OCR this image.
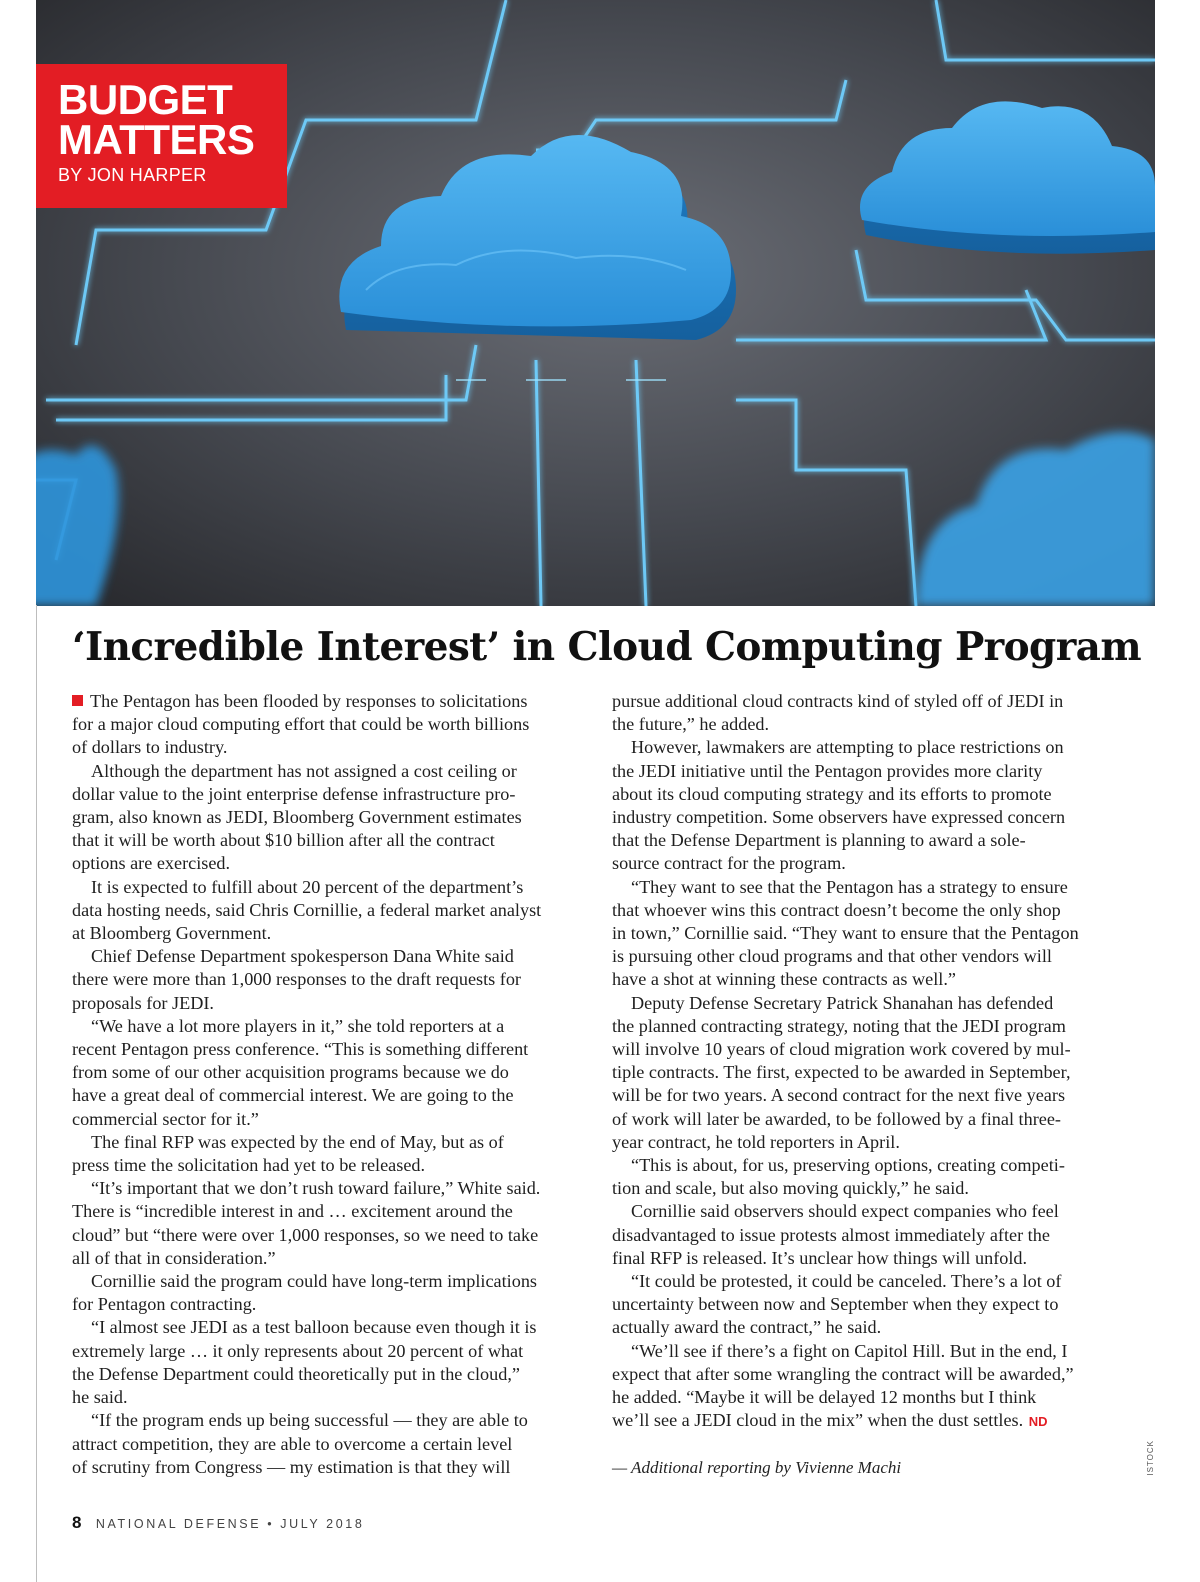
BUDGET
MATTERS
BY JON HARPER
‘Incredible Interest’ in Cloud Computing Program
The Pentagon has been flooded by responses to solicitations
for a major cloud computing effort that could be worth billions
of dollars to industry.
Although the department has not assigned a cost ceiling or
dollar value to the joint enterprise defense infrastructure pro-
gram, also known as JEDI, Bloomberg Government estimates
that it will be worth about $10 billion after all the contract
options are exercised.
It is expected to fulfill about 20 percent of the department’s
data hosting needs, said Chris Cornillie, a federal market analyst
at Bloomberg Government.
Chief Defense Department spokesperson Dana White said
there were more than 1,000 responses to the draft requests for
proposals for JEDI.
“We have a lot more players in it,” she told reporters at a
recent Pentagon press conference. “This is something different
from some of our other acquisition programs because we do
have a great deal of commercial interest. We are going to the
commercial sector for it.”
The final RFP was expected by the end of May, but as of
press time the solicitation had yet to be released.
“It’s important that we don’t rush toward failure,” White said.
There is “incredible interest in and … excitement around the
cloud” but “there were over 1,000 responses, so we need to take
all of that in consideration.”
Cornillie said the program could have long-term implications
for Pentagon contracting.
“I almost see JEDI as a test balloon because even though it is
extremely large … it only represents about 20 percent of what
the Defense Department could theoretically put in the cloud,”
he said.
“If the program ends up being successful — they are able to
attract competition, they are able to overcome a certain level
of scrutiny from Congress — my estimation is that they will
pursue additional cloud contracts kind of styled off of JEDI in
the future,” he added.
However, lawmakers are attempting to place restrictions on
the JEDI initiative until the Pentagon provides more clarity
about its cloud computing strategy and its efforts to promote
industry competition. Some observers have expressed concern
that the Defense Department is planning to award a sole-
source contract for the program.
“They want to see that the Pentagon has a strategy to ensure
that whoever wins this contract doesn’t become the only shop
in town,” Cornillie said. “They want to ensure that the Pentagon
is pursuing other cloud programs and that other vendors will
have a shot at winning these contracts as well.”
Deputy Defense Secretary Patrick Shanahan has defended
the planned contracting strategy, noting that the JEDI program
will involve 10 years of cloud migration work covered by mul-
tiple contracts. The first, expected to be awarded in September,
will be for two years. A second contract for the next five years
of work will later be awarded, to be followed by a final three-
year contract, he told reporters in April.
“This is about, for us, preserving options, creating competi-
tion and scale, but also moving quickly,” he said.
Cornillie said observers should expect companies who feel
disadvantaged to issue protests almost immediately after the
final RFP is released. It’s unclear how things will unfold.
“It could be protested, it could be canceled. There’s a lot of
uncertainty between now and September when they expect to
actually award the contract,” he said.
“We’ll see if there’s a fight on Capitol Hill. But in the end, I
expect that after some wrangling the contract will be awarded,”
he added. “Maybe it will be delayed 12 months but I think
we’ll see a JEDI cloud in the mix” when the dust settles. ND
— Additional reporting by Vivienne Machi	ISTOCK
8 NATIONAL DEFENSE • JULY 2018
